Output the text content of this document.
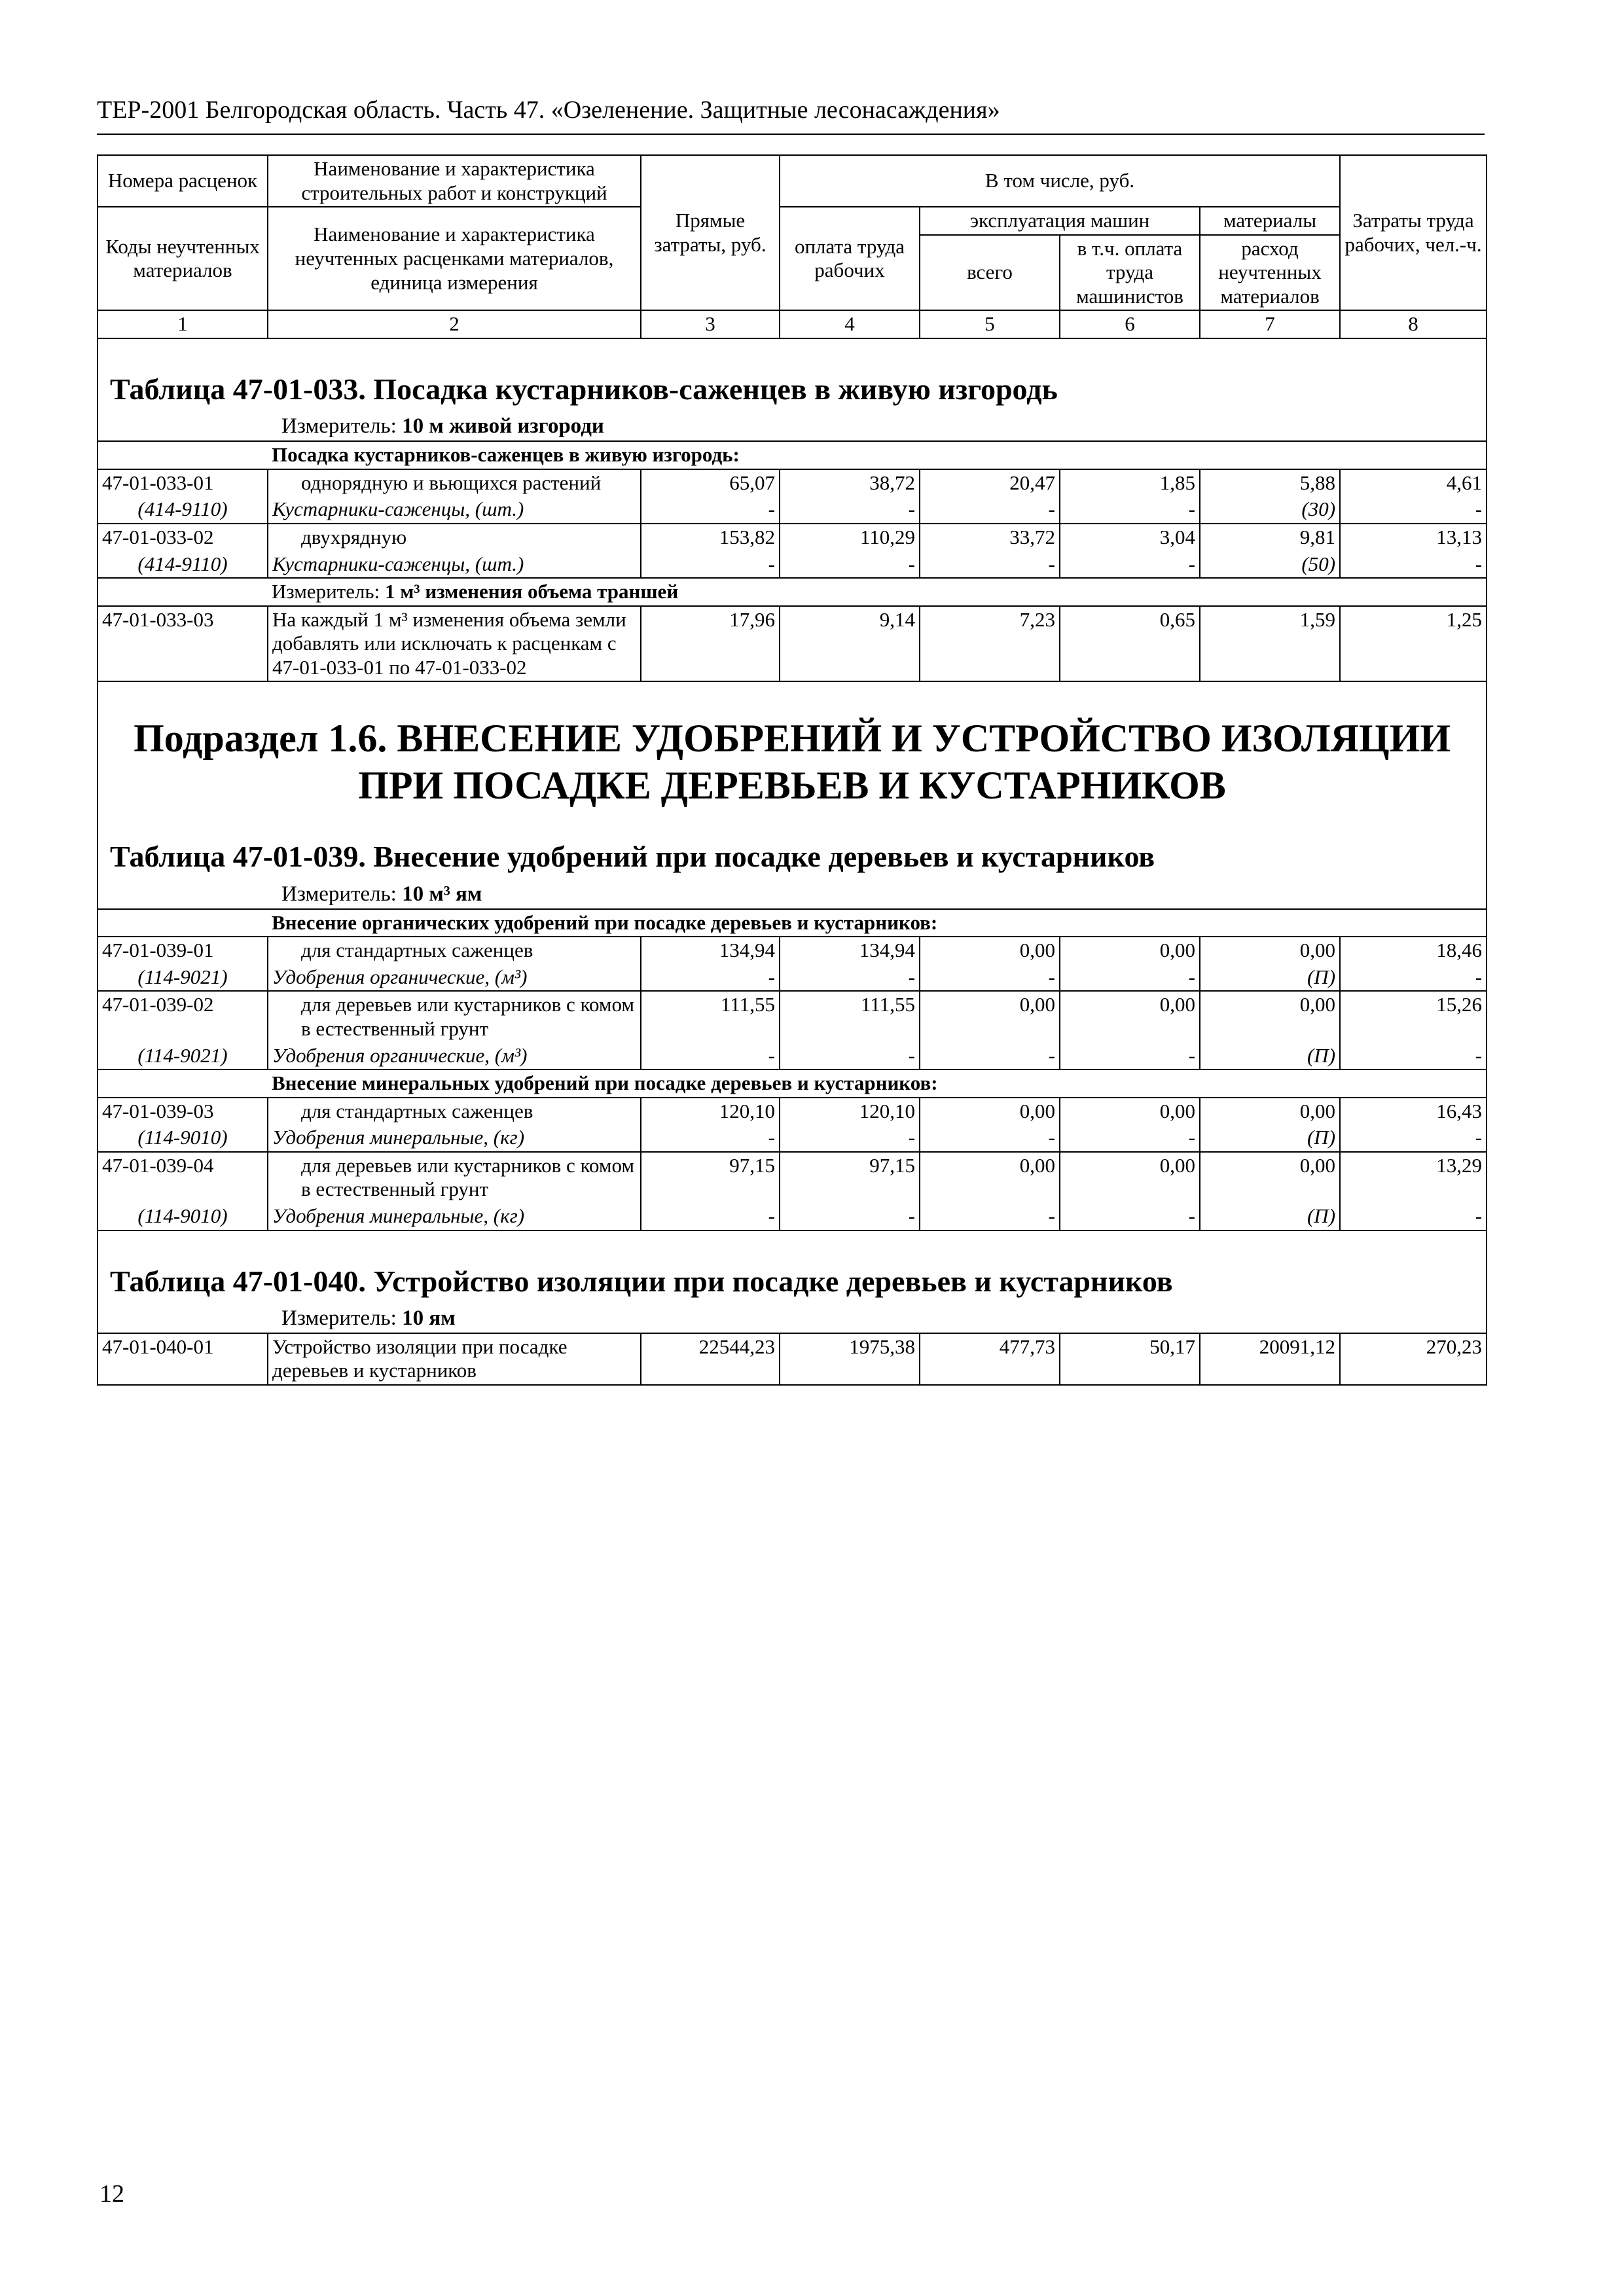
ТЕР-2001 Белгородская область. Часть 47. «Озеленение. Защитные лесонасаждения»
Номера расценок	Наименование и характеристика строительных работ и конструкций	Прямые затраты, руб.	В том числе, руб.				Затраты труда рабочих, чел.-ч.
Коды неучтенных материалов	Наименование и характеристика неучтенных расценками материалов, единица измерения		оплата труда рабочих	эксплуатация машин		материалы	
				всего	в т.ч. оплата труда машинистов	расход неучтенных материалов	
1	2	3	4	5	6	7	8
Таблица 47-01-033. Посадка кустарников-саженцев в живую изгородь							
Измеритель: 10 м живой изгороди							
	Посадка кустарников-саженцев в живую изгородь:						
47-01-033-01	однорядную и вьющихся растений	65,07	38,72	20,47	1,85	5,88	4,61
(414-9110)	Кустарники-саженцы, (шт.)	-	-	-	-	(30)	-
47-01-033-02	двухрядную	153,82	110,29	33,72	3,04	9,81	13,13
(414-9110)	Кустарники-саженцы, (шт.)	-	-	-	-	(50)	-
	Измеритель: 1 м³ изменения объема траншей						
47-01-033-03	На каждый 1 м³ изменения объема земли добавлять или исключать к расценкам с 47-01-033-01 по 47-01-033-02	17,96	9,14	7,23	0,65	1,59	1,25
Подраздел 1.6. ВНЕСЕНИЕ УДОБРЕНИЙ И УСТРОЙСТВО ИЗОЛЯЦИИ ПРИ ПОСАДКЕ ДЕРЕВЬЕВ И КУСТАРНИКОВ							
Таблица 47-01-039. Внесение удобрений при посадке деревьев и кустарников							
Измеритель: 10 м³ ям							
	Внесение органических удобрений при посадке деревьев и кустарников:						
47-01-039-01	для стандартных саженцев	134,94	134,94	0,00	0,00	0,00	18,46
(114-9021)	Удобрения органические, (м³)	-	-	-	-	(П)	-
47-01-039-02	для деревьев или кустарников с комом в естественный грунт	111,55	111,55	0,00	0,00	0,00	15,26
(114-9021)	Удобрения органические, (м³)	-	-	-	-	(П)	-
	Внесение минеральных удобрений при посадке деревьев и кустарников:						
47-01-039-03	для стандартных саженцев	120,10	120,10	0,00	0,00	0,00	16,43
(114-9010)	Удобрения минеральные, (кг)	-	-	-	-	(П)	-
47-01-039-04	для деревьев или кустарников с комом в естественный грунт	97,15	97,15	0,00	0,00	0,00	13,29
(114-9010)	Удобрения минеральные, (кг)	-	-	-	-	(П)	-
Таблица 47-01-040. Устройство изоляции при посадке деревьев и кустарников							
Измеритель: 10 ям							
47-01-040-01	Устройство изоляции при посадке деревьев и кустарников	22544,23	1975,38	477,73	50,17	20091,12	270,23
12
